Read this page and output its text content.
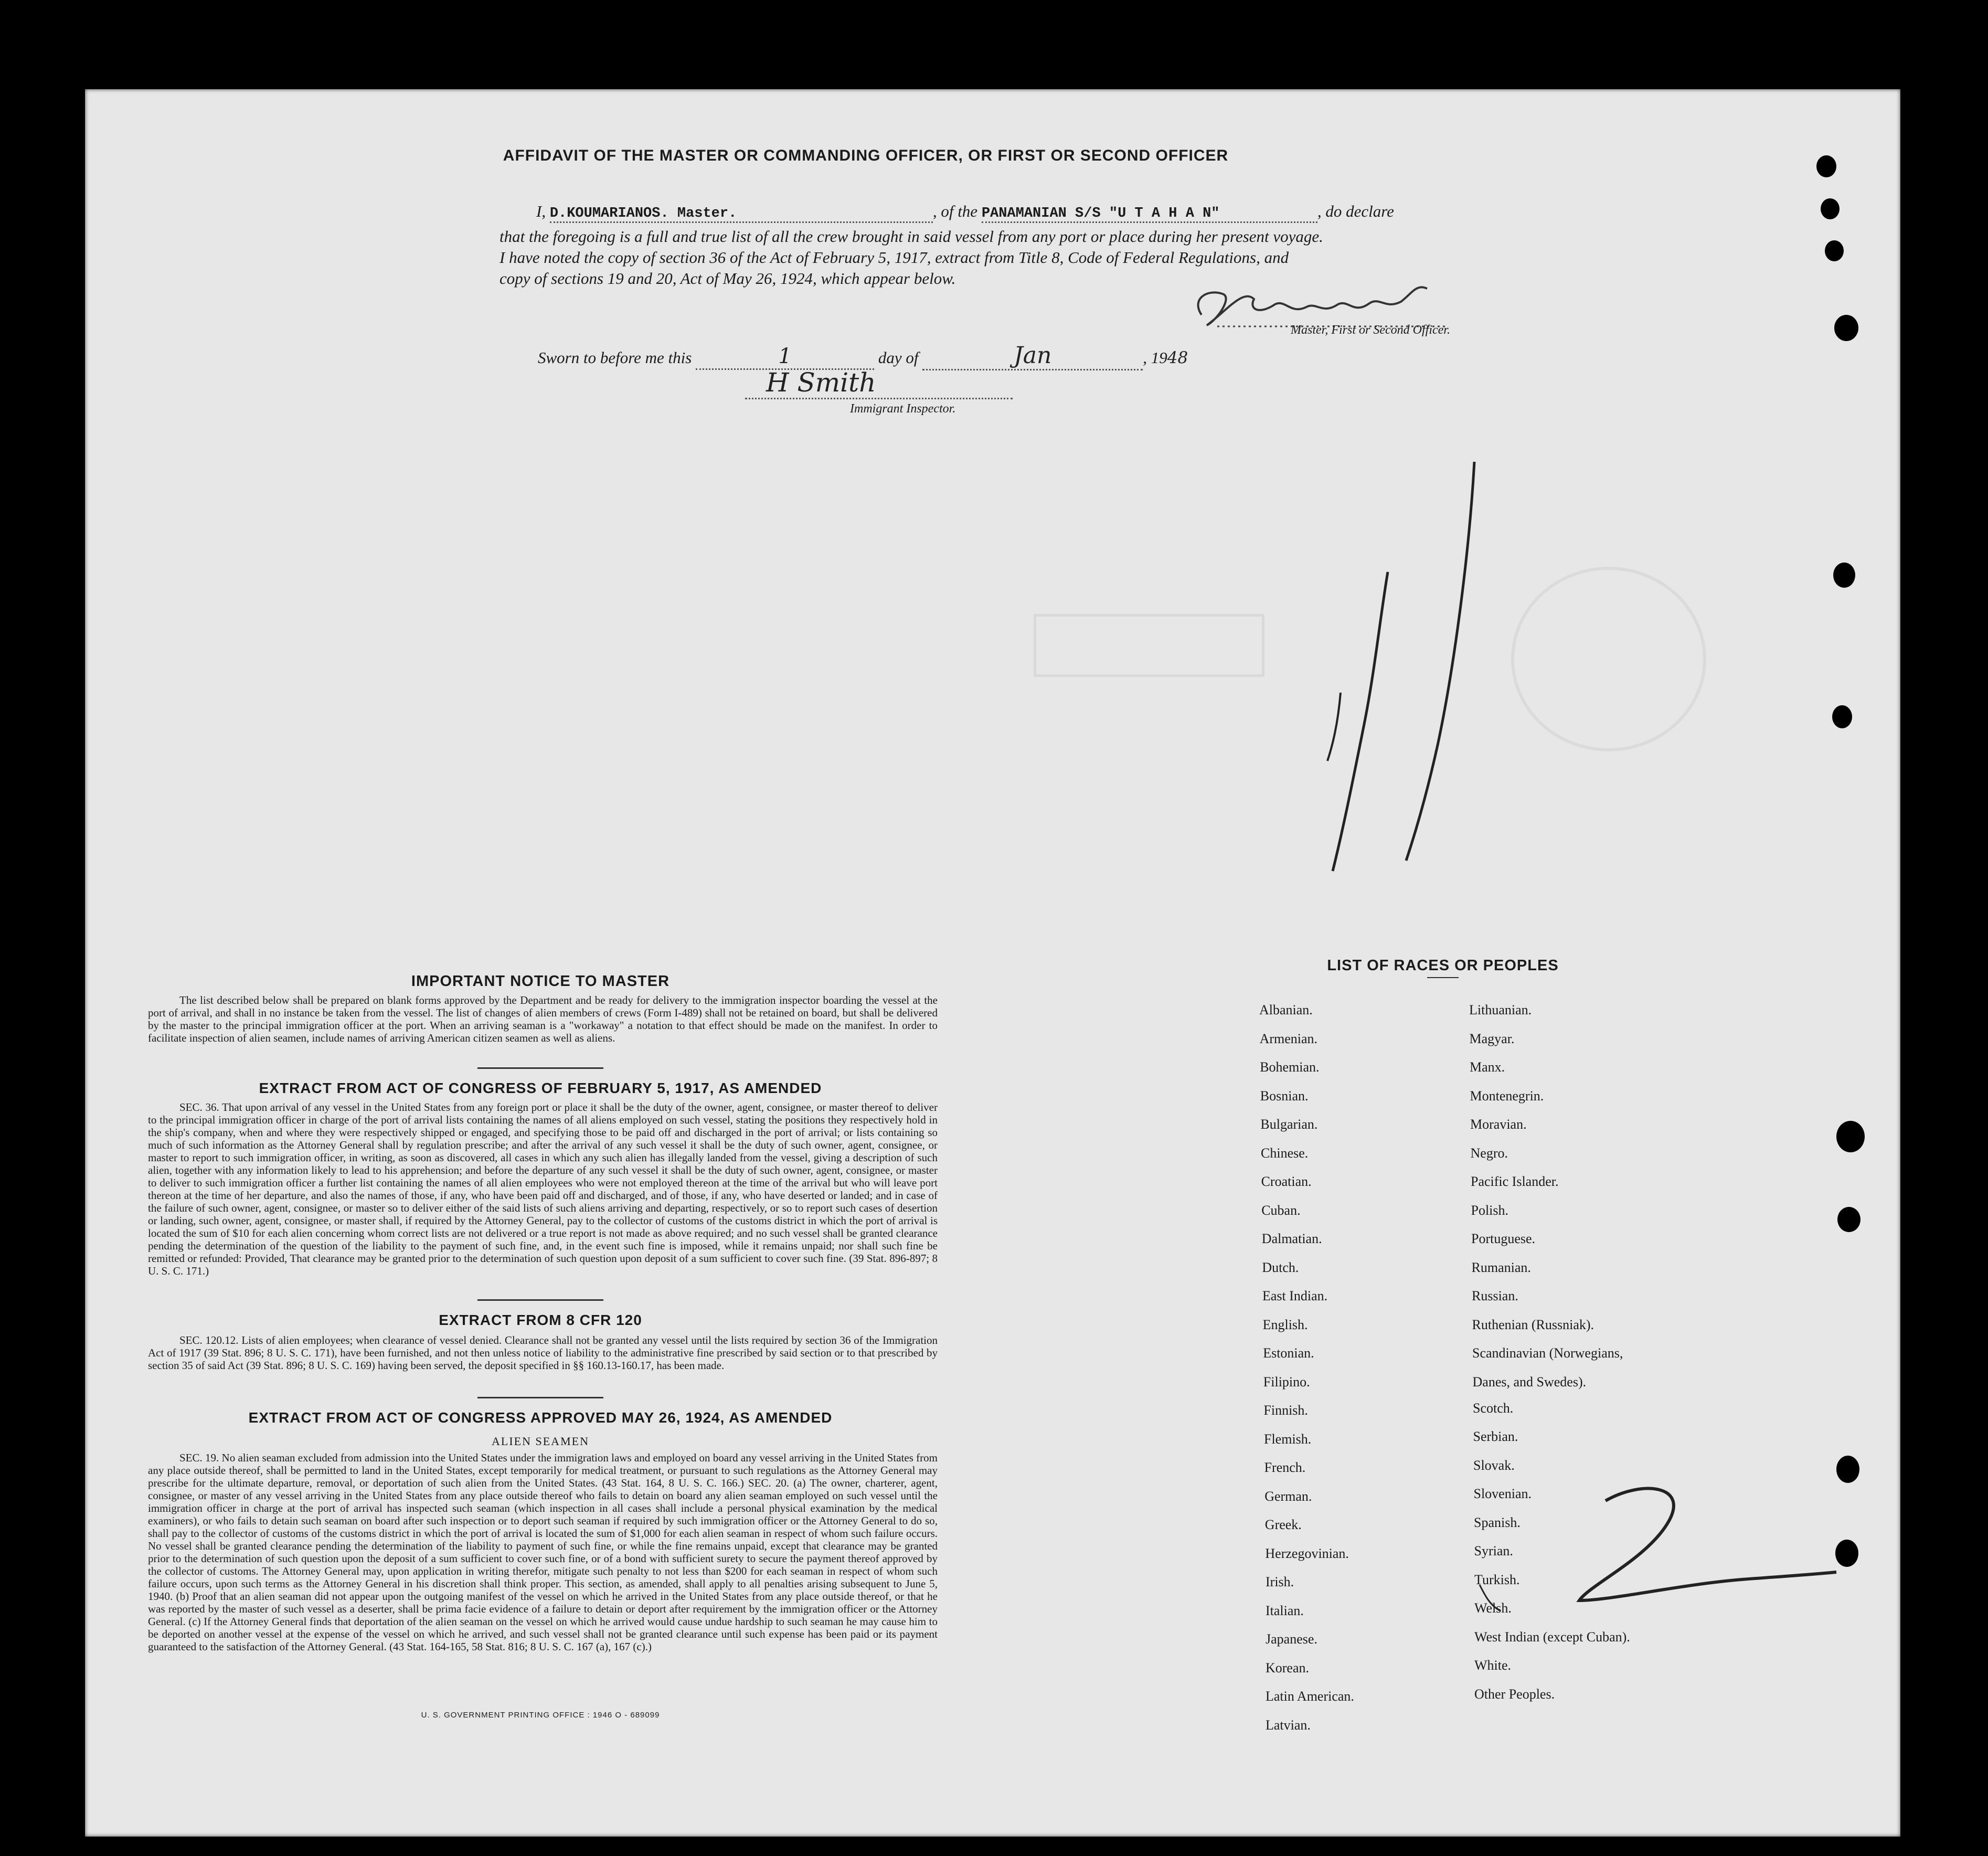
AFFIDAVIT OF THE MASTER OR COMMANDING OFFICER, OR FIRST OR SECOND OFFICER
I, D.KOUMARIANOS. Master.	, of the PANAMANIAN S/S "U T A H A N"	, do declare
that the foregoing is a full and true list of all the crew brought in said vessel from any port or place during her present voyage.
I have noted the copy of section 36 of the Act of February 5, 1917, extract from Title 8, Code of Federal Regulations, and
copy of sections 19 and 20, Act of May 26, 1924, which appear below.
Master, First or Second Officer.
Sworn to before me this	1	day of	Jan	, 1948
H Smith
Immigrant Inspector.
IMPORTANT NOTICE TO MASTER
The list described below shall be prepared on blank forms approved by the Department and be ready for delivery to the immigration inspector boarding the vessel at the port of arrival, and shall in no instance be taken from the vessel. The list of changes of alien members of crews (Form I-489) shall not be retained on board, but shall be delivered by the master to the principal immigration officer at the port. When an arriving seaman is a "workaway" a notation to that effect should be made on the manifest. In order to facilitate inspection of alien seamen, include names of arriving American citizen seamen as well as aliens.
EXTRACT FROM ACT OF CONGRESS OF FEBRUARY 5, 1917, AS AMENDED
SEC. 36. That upon arrival of any vessel in the United States from any foreign port or place it shall be the duty of the owner, agent, consignee, or master thereof to deliver to the principal immigration officer in charge of the port of arrival lists containing the names of all aliens employed on such vessel, stating the positions they respectively hold in the ship's company, when and where they were respectively shipped or engaged, and specifying those to be paid off and discharged in the port of arrival; or lists containing so much of such information as the Attorney General shall by regulation prescribe; and after the arrival of any such vessel it shall be the duty of such owner, agent, consignee, or master to report to such immigration officer, in writing, as soon as discovered, all cases in which any such alien has illegally landed from the vessel, giving a description of such alien, together with any information likely to lead to his apprehension; and before the departure of any such vessel it shall be the duty of such owner, agent, consignee, or master to deliver to such immigration officer a further list containing the names of all alien employees who were not employed thereon at the time of the arrival but who will leave port thereon at the time of her departure, and also the names of those, if any, who have been paid off and discharged, and of those, if any, who have deserted or landed; and in case of the failure of such owner, agent, consignee, or master so to deliver either of the said lists of such aliens arriving and departing, respectively, or so to report such cases of desertion or landing, such owner, agent, consignee, or master shall, if required by the Attorney General, pay to the collector of customs of the customs district in which the port of arrival is located the sum of $10 for each alien concerning whom correct lists are not delivered or a true report is not made as above required; and no such vessel shall be granted clearance pending the determination of the question of the liability to the payment of such fine, and, in the event such fine is imposed, while it remains unpaid; nor shall such fine be remitted or refunded: Provided, That clearance may be granted prior to the determination of such question upon deposit of a sum sufficient to cover such fine. (39 Stat. 896-897; 8 U. S. C. 171.)
EXTRACT FROM 8 CFR 120
SEC. 120.12. Lists of alien employees; when clearance of vessel denied. Clearance shall not be granted any vessel until the lists required by section 36 of the Immigration Act of 1917 (39 Stat. 896; 8 U. S. C. 171), have been furnished, and not then unless notice of liability to the administrative fine prescribed by said section or to that prescribed by section 35 of said Act (39 Stat. 896; 8 U. S. C. 169) having been served, the deposit specified in §§ 160.13-160.17, has been made.
EXTRACT FROM ACT OF CONGRESS APPROVED MAY 26, 1924, AS AMENDED
ALIEN SEAMEN
SEC. 19. No alien seaman excluded from admission into the United States under the immigration laws and employed on board any vessel arriving in the United States from any place outside thereof, shall be permitted to land in the United States, except temporarily for medical treatment, or pursuant to such regulations as the Attorney General may prescribe for the ultimate departure, removal, or deportation of such alien from the United States. (43 Stat. 164, 8 U. S. C. 166.) SEC. 20. (a) The owner, charterer, agent, consignee, or master of any vessel arriving in the United States from any place outside thereof who fails to detain on board any alien seaman employed on such vessel until the immigration officer in charge at the port of arrival has inspected such seaman (which inspection in all cases shall include a personal physical examination by the medical examiners), or who fails to detain such seaman on board after such inspection or to deport such seaman if required by such immigration officer or the Attorney General to do so, shall pay to the collector of customs of the customs district in which the port of arrival is located the sum of $1,000 for each alien seaman in respect of whom such failure occurs. No vessel shall be granted clearance pending the determination of the liability to payment of such fine, or while the fine remains unpaid, except that clearance may be granted prior to the determination of such question upon the deposit of a sum sufficient to cover such fine, or of a bond with sufficient surety to secure the payment thereof approved by the collector of customs. The Attorney General may, upon application in writing therefor, mitigate such penalty to not less than $200 for each seaman in respect of whom such failure occurs, upon such terms as the Attorney General in his discretion shall think proper. This section, as amended, shall apply to all penalties arising subsequent to June 5, 1940. (b) Proof that an alien seaman did not appear upon the outgoing manifest of the vessel on which he arrived in the United States from any place outside thereof, or that he was reported by the master of such vessel as a deserter, shall be prima facie evidence of a failure to detain or deport after requirement by the immigration officer or the Attorney General. (c) If the Attorney General finds that deportation of the alien seaman on the vessel on which he arrived would cause undue hardship to such seaman he may cause him to be deported on another vessel at the expense of the vessel on which he arrived, and such vessel shall not be granted clearance until such expense has been paid or its payment guaranteed to the satisfaction of the Attorney General. (43 Stat. 164-165, 58 Stat. 816; 8 U. S. C. 167 (a), 167 (c).)
U. S. GOVERNMENT PRINTING OFFICE : 1946 O - 689099
LIST OF RACES OR PEOPLES
Albanian.
Armenian.
Bohemian.
Bosnian.
Bulgarian.
Chinese.
Croatian.
Cuban.
Dalmatian.
Dutch.
East Indian.
English.
Estonian.
Filipino.
Finnish.
Flemish.
French.
German.
Greek.
Herzegovinian.
Irish.
Italian.
Japanese.
Korean.
Latin American.
Latvian.
Lithuanian.
Magyar.
Manx.
Montenegrin.
Moravian.
Negro.
Pacific Islander.
Polish.
Portuguese.
Rumanian.
Russian.
Ruthenian (Russniak).
Scandinavian (Norwegians,
Danes, and Swedes).
Scotch.
Serbian.
Slovak.
Slovenian.
Spanish.
Syrian.
Turkish.
Welsh.
West Indian (except Cuban).
White.
Other Peoples.
